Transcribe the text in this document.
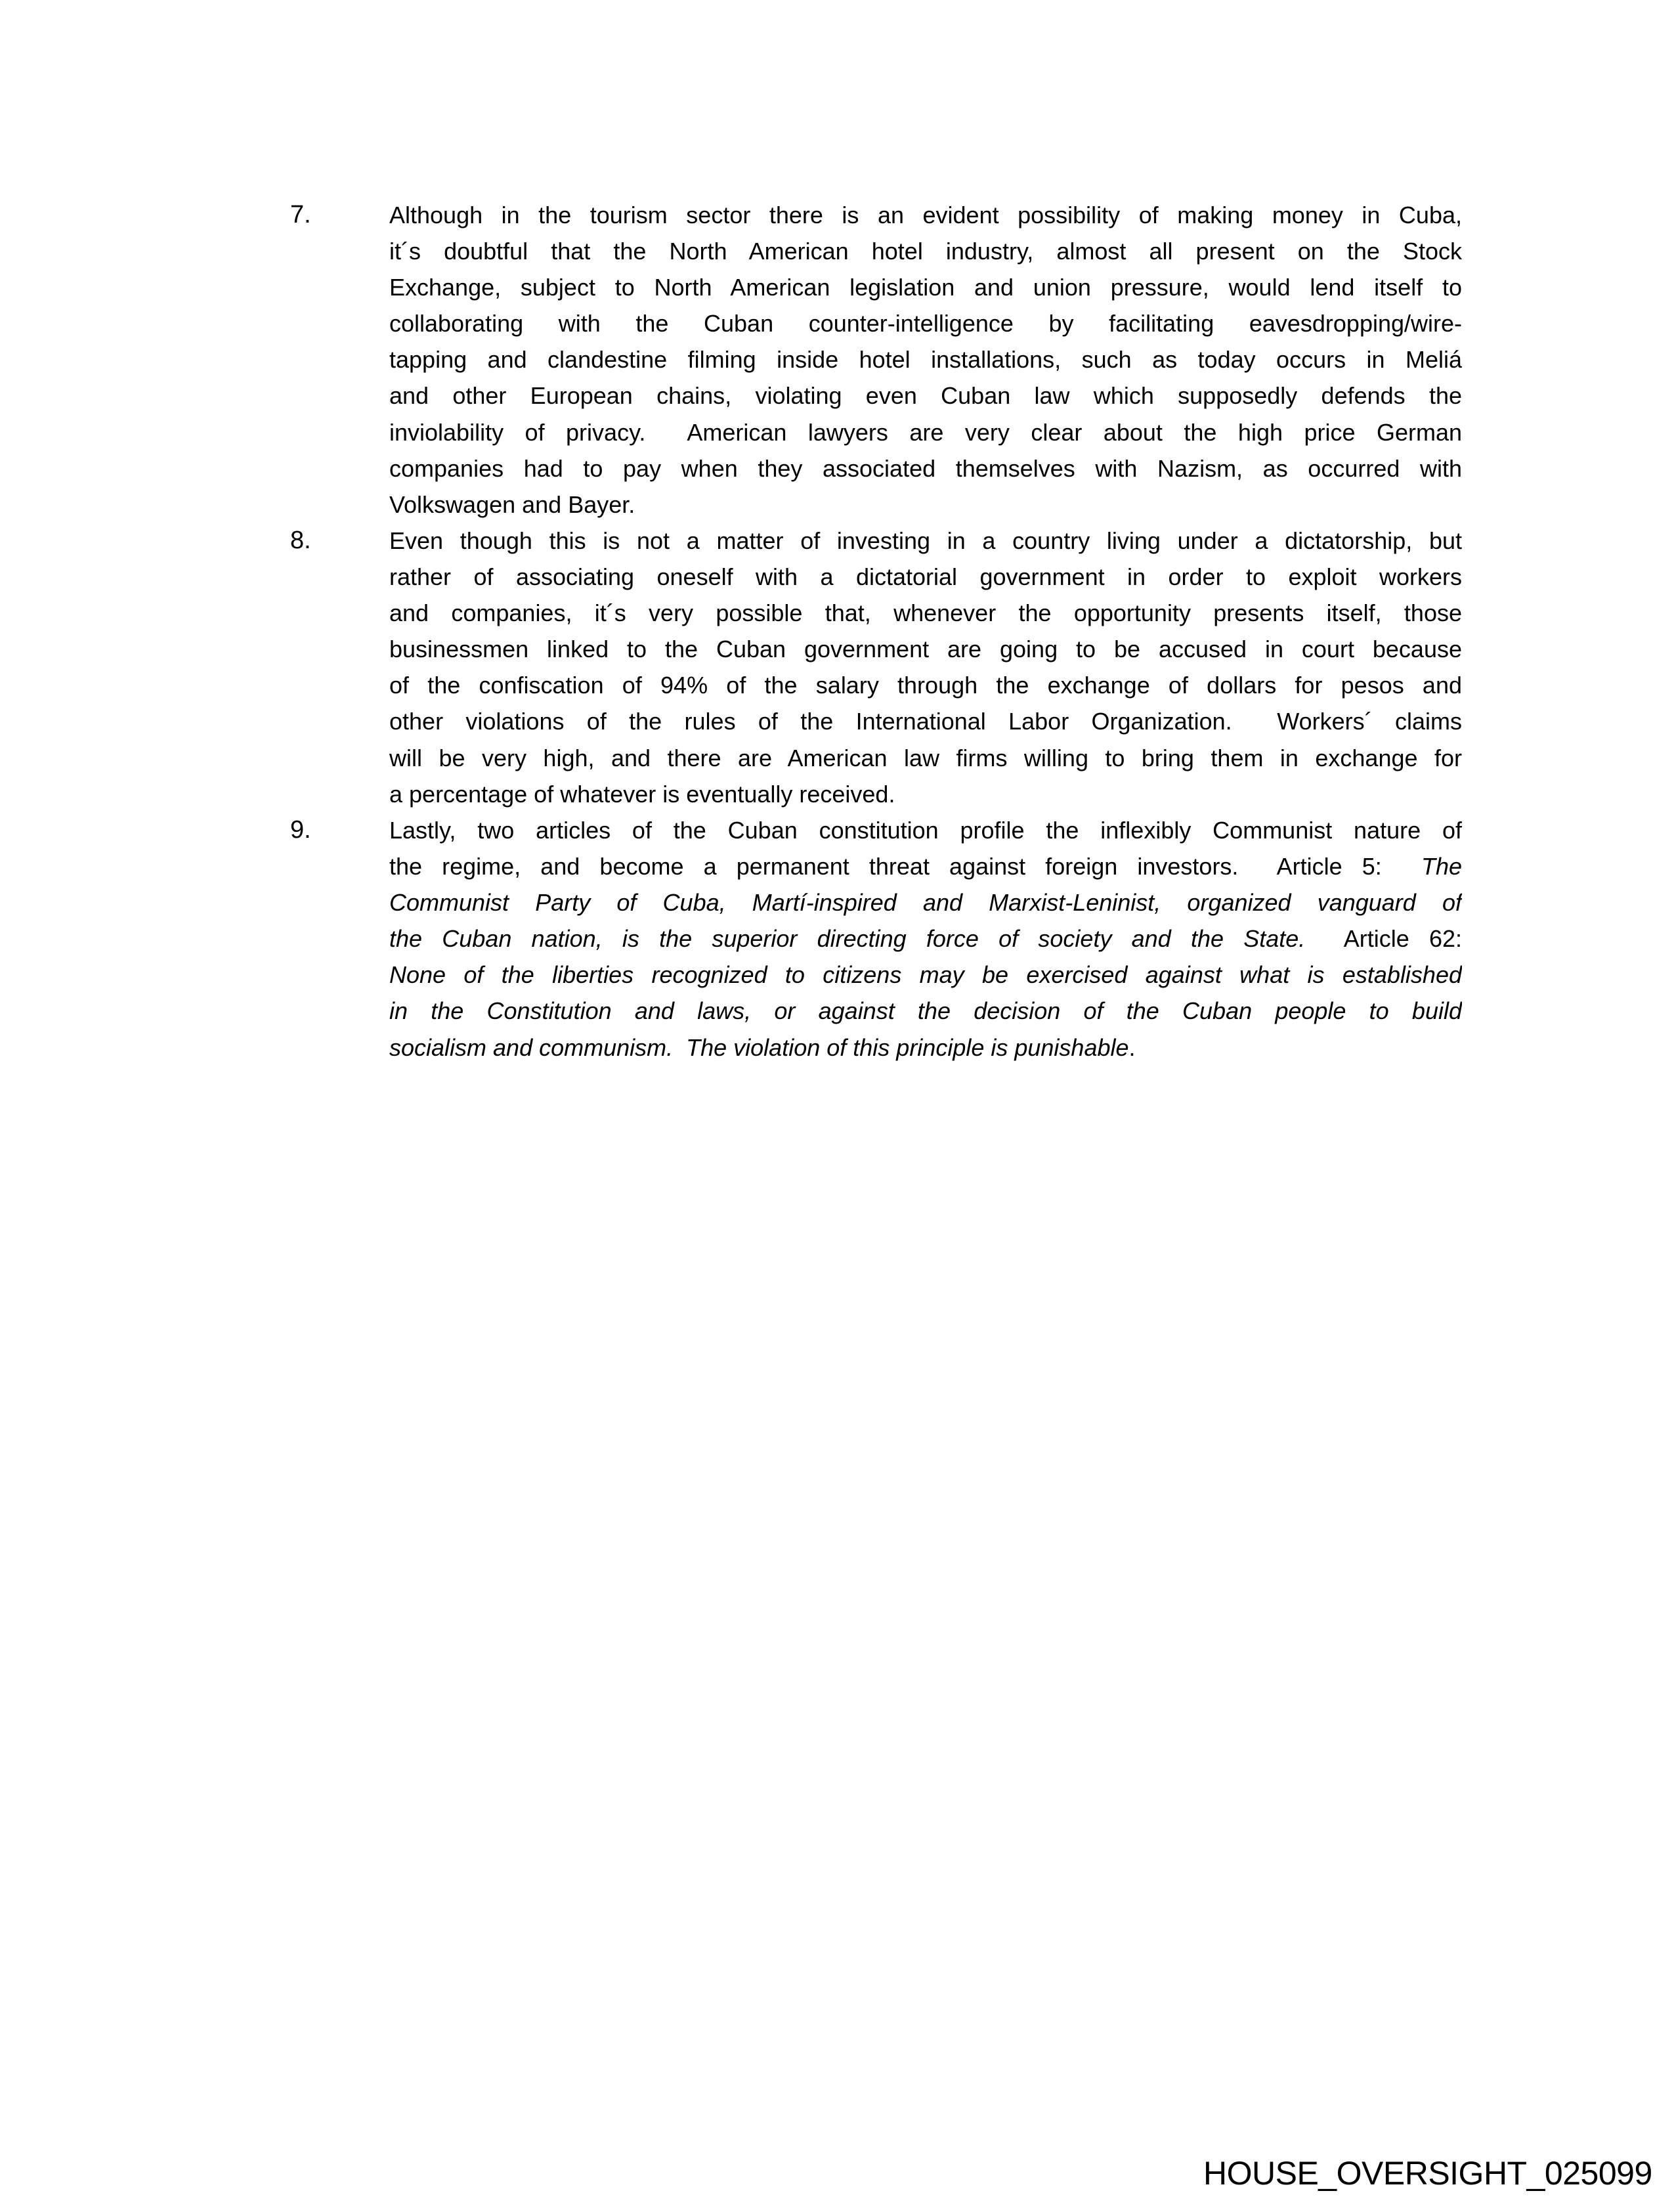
7.	Although in the tourism sector there is an evident possibility of making money in Cuba,
it´s doubtful that the North American hotel industry, almost all present on the Stock
Exchange, subject to North American legislation and union pressure, would lend itself to
collaborating with the Cuban counter-intelligence by facilitating eavesdropping/wire-
tapping and clandestine filming inside hotel installations, such as today occurs in Meliá
and other European chains, violating even Cuban law which supposedly defends the
inviolability of privacy.  American lawyers are very clear about the high price German
companies had to pay when they associated themselves with Nazism, as occurred with
Volkswagen and Bayer.
8.	Even though this is not a matter of investing in a country living under a dictatorship, but
rather of associating oneself with a dictatorial government in order to exploit workers
and companies, it´s very possible that, whenever the opportunity presents itself, those
businessmen linked to the Cuban government are going to be accused in court because
of the confiscation of 94% of the salary through the exchange of dollars for pesos and
other violations of the rules of the International Labor Organization.  Workers´ claims
will be very high, and there are American law firms willing to bring them in exchange for
a percentage of whatever is eventually received.
9.	Lastly, two articles of the Cuban constitution profile the inflexibly Communist nature of
the regime, and become a permanent threat against foreign investors.  Article 5:  The
Communist Party of Cuba, Martí-inspired and Marxist-Leninist, organized vanguard of
the Cuban nation, is the superior directing force of society and the State.  Article 62:
None of the liberties recognized to citizens may be exercised against what is established
in the Constitution and laws, or against the decision of the Cuban people to build
socialism and communism.  The violation of this principle is punishable.
HOUSE_OVERSIGHT_025099
